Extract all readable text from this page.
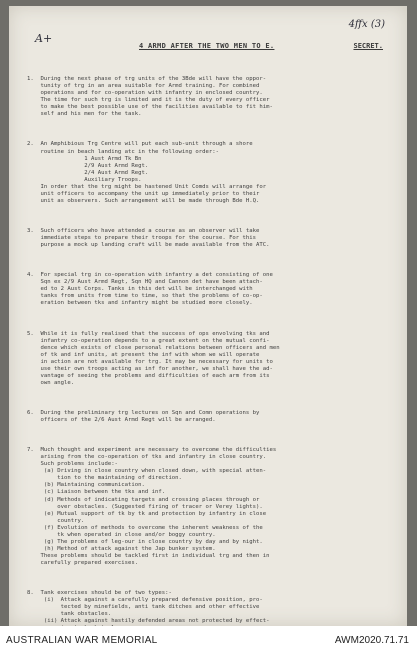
A+
4ffx (3)
4 ARMD AFTER THE TWO MEN TO E.	SECRET.

1.  During the next phase of trg units of the 3Bde will have the oppor-
tunity of trg in an area suitable for Armd training. For combined
operations and for co-operation with infantry in enclosed country.
The time for such trg is limited and it is the duty of every officer
to make the best possible use of the facilities available to fit him-
self and his men for the task.

2.  An Amphibious Trg Centre will put each sub-unit through a shore
routine in beach landing atc in the following order:-
1 Aust Armd Tk Bn
2/9 Aust Armd Regt.
2/4 Aust Armd Regt.
Auxiliary Troops.
In order that the trg might be hastened Unit Comds will arrange for
unit officers to accompany the unit up immediately prior to their
unit as observers. Such arrangement will be made through Bde H.Q.

3.  Such officers who have attended a course as an observer will take
immediate steps to prepare their troops for the course. For this
purpose a mock up landing craft will be made available from the ATC.

4.  For special trg in co-operation with infantry a det consisting of one
Sqn ex 2/9 Aust Armd Regt, Sqn HQ and Cannon det have been attach-
ed to 2 Aust Corps. Tanks in this det will be interchanged with
tanks from units from time to time, so that the problems of co-op-
eration between tks and infantry might be studied more closely.

5.  While it is fully realised that the success of ops envolving tks and
infantry co-operation depends to a great extent on the mutual confi-
dence which exists of close personal relations between officers and men
of tk and inf units, at present the inf with whom we will operate
in action are not available for trg. It may be necessary for units to
use their own troops acting as inf for another, we shall have the ad-
vantage of seeing the problems and difficulties of each arm from its
own angle.

6.  During the preliminary trg lectures on Sqn and Comn operations by
officers of the 2/6 Aust Armd Regt will be arranged.

7.  Much thought and experiment are necessary to overcome the difficulties
arising from the co-operation of tks and infantry in close country.
Such problems include:-
(a) Driving in close country when closed down, with special atten-
tion to the maintaining of direction.
(b) Maintaining communication.
(c) Liaison between the tks and inf.
(d) Methods of indicating targets and crossing places through or
over obstacles. (Suggested firing of tracer or Verey lights).
(e) Mutual support of tk by tk and protection by infantry in close
country.
(f) Evolution of methods to overcome the inherent weakness of the
tk when operated in close and/or boggy country.
(g) The problems of leg-our in close country by day and by night.
(h) Method of attack against the Jap bunker system.
These problems should be tackled first in individual trg and then in
carefully prepared exercises.

8.  Tank exercises should be of two types:-
(i)  Attack against a carefully prepared defensive position, pro-
tected by minefields, anti tank ditches and other effective
tank obstacles.
(ii) Attack against hastily defended areas not protected by effect-

AUSTRALIAN WAR MEMORIAL	AWM2020.71.71
